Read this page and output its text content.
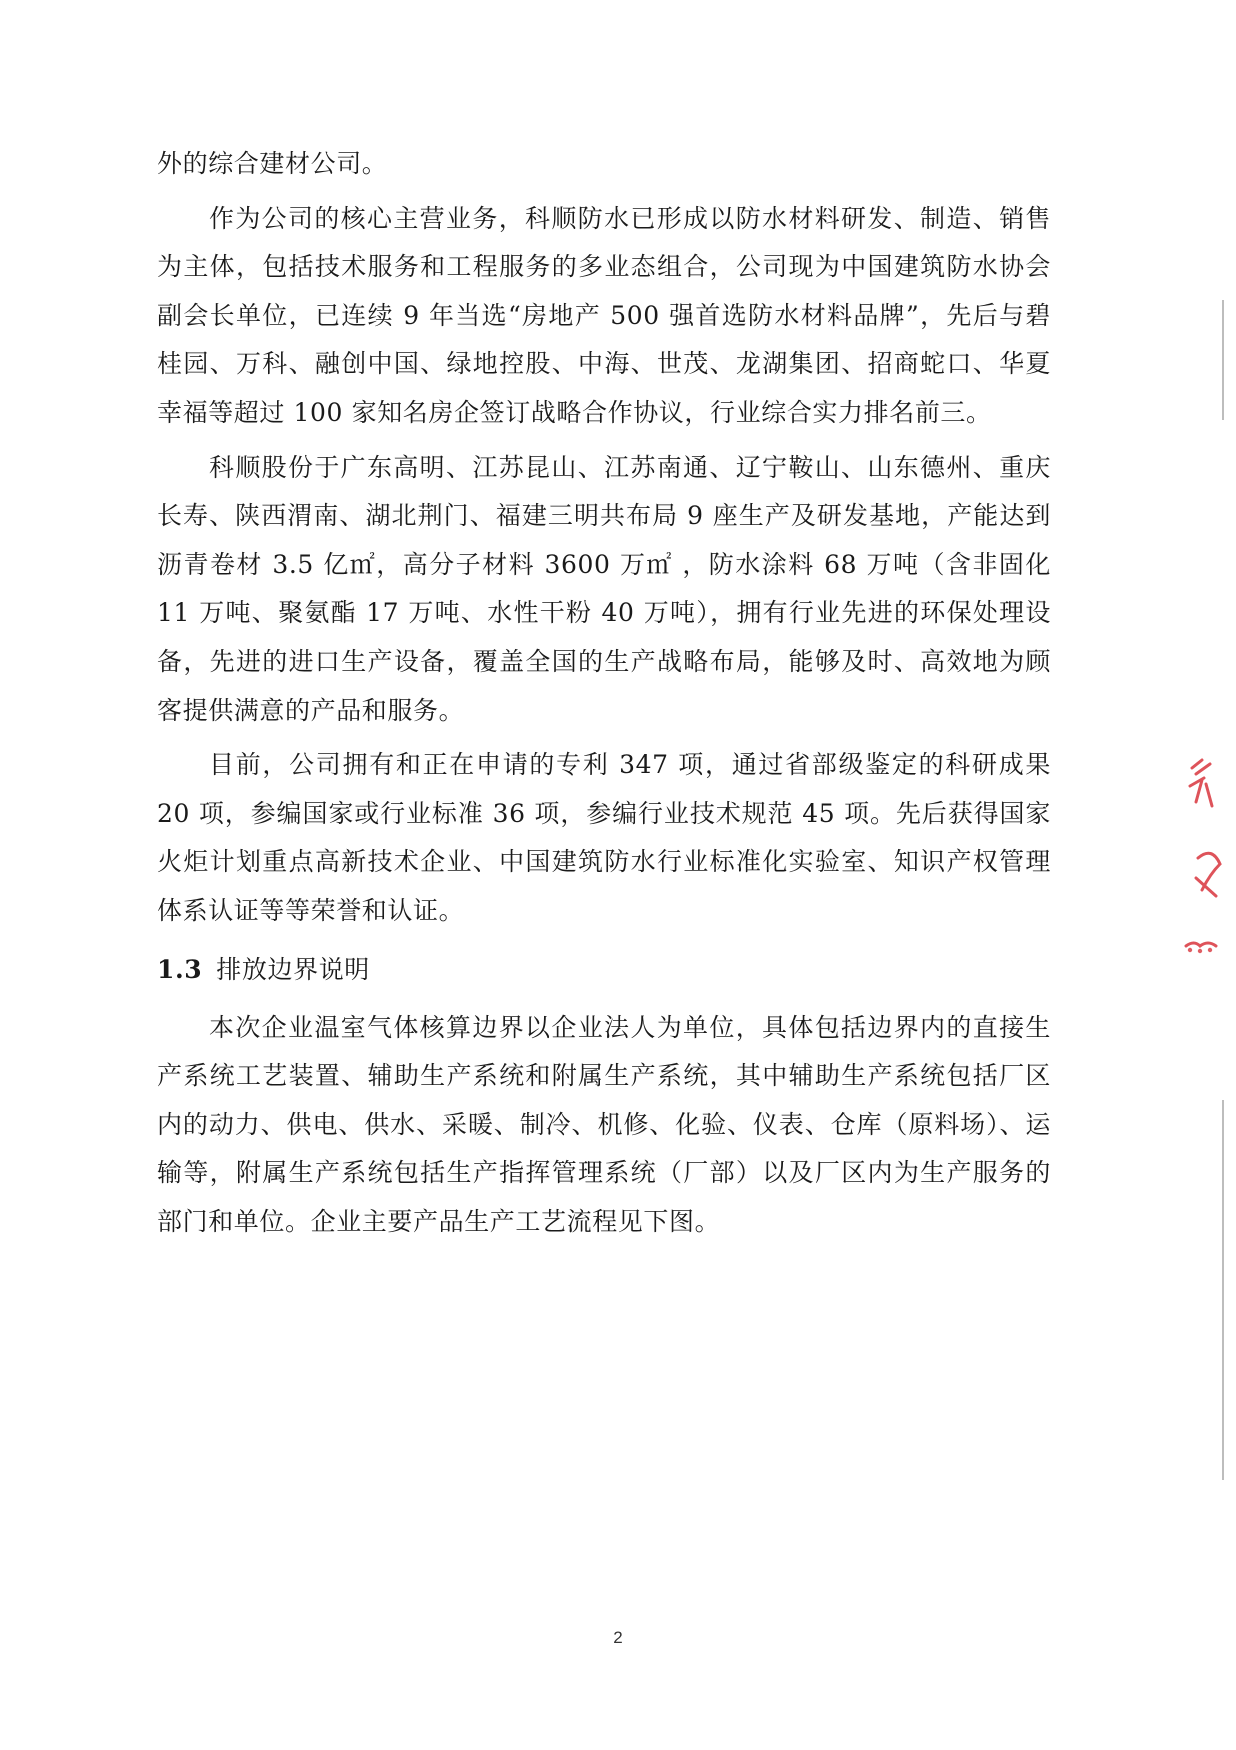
外的综合建材公司。

作为公司的核心主营业务，科顺防水已形成以防水材料研发、制造、销售为主体，包括技术服务和工程服务的多业态组合，公司现为中国建筑防水协会副会长单位，已连续 9 年当选“房地产 500 强首选防水材料品牌”，先后与碧桂园、万科、融创中国、绿地控股、中海、世茂、龙湖集团、招商蛇口、华夏幸福等超过 100 家知名房企签订战略合作协议，行业综合实力排名前三。

科顺股份于广东高明、江苏昆山、江苏南通、辽宁鞍山、山东德州、重庆长寿、陕西渭南、湖北荆门、福建三明共布局 9 座生产及研发基地，产能达到沥青卷材 3.5 亿㎡，高分子材料 3600 万㎡ ，防水涂料 68 万吨（含非固化 11 万吨、聚氨酯 17 万吨、水性干粉 40 万吨），拥有行业先进的环保处理设备，先进的进口生产设备，覆盖全国的生产战略布局，能够及时、高效地为顾客提供满意的产品和服务。

目前，公司拥有和正在申请的专利 347 项，通过省部级鉴定的科研成果 20 项，参编国家或行业标准 36 项，参编行业技术规范 45 项。先后获得国家火炬计划重点高新技术企业、中国建筑防水行业标准化实验室、知识产权管理体系认证等等荣誉和认证。

1.3 排放边界说明

本次企业温室气体核算边界以企业法人为单位，具体包括边界内的直接生产系统工艺装置、辅助生产系统和附属生产系统，其中辅助生产系统包括厂区内的动力、供电、供水、采暖、制冷、机修、化验、仪表、仓库（原料场）、运输等，附属生产系统包括生产指挥管理系统（厂部）以及厂区内为生产服务的部门和单位。企业主要产品生产工艺流程见下图。

2
